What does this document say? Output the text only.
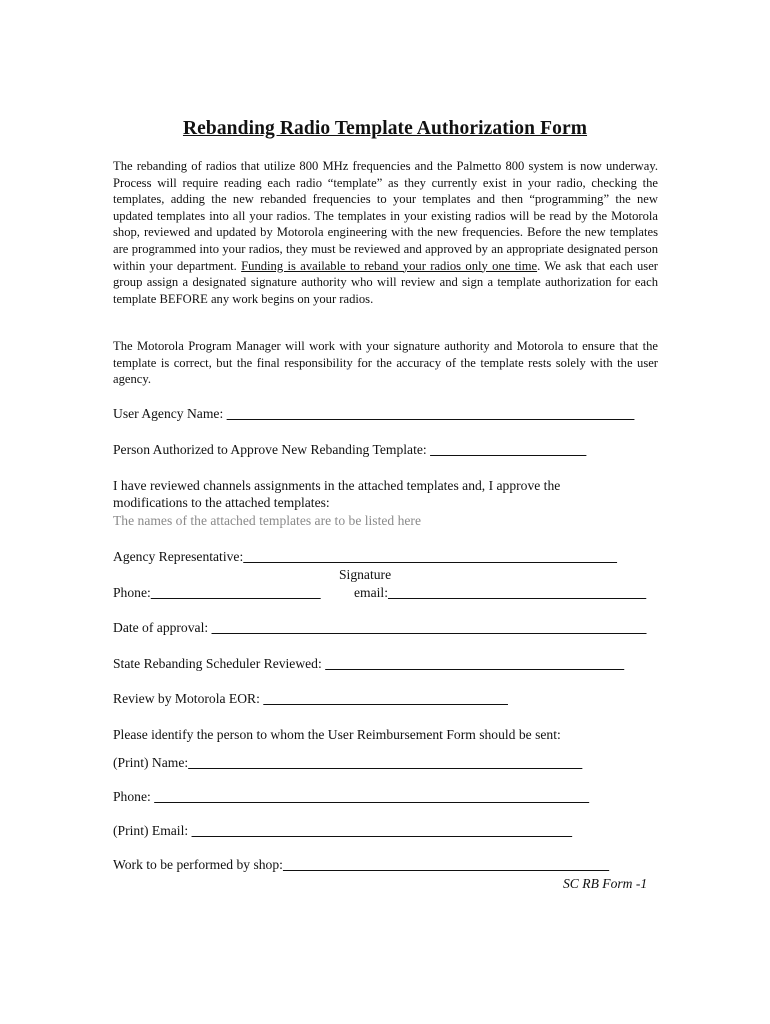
Rebanding Radio Template Authorization Form
The rebanding of radios that utilize 800 MHz frequencies and the Palmetto 800 system is now underway. Process will require reading each radio “template” as they currently exist in your radio, checking the templates, adding the new rebanded frequencies to your templates and then “programming” the new updated templates into all your radios. The templates in your existing radios will be read by the Motorola shop, reviewed and updated by Motorola engineering with the new frequencies. Before the new templates are programmed into your radios, they must be reviewed and approved by an appropriate designated person within your department. Funding is available to reband your radios only one time. We ask that each user group assign a designated signature authority who will review and sign a template authorization for each template BEFORE any work begins on your radios.
The Motorola Program Manager will work with your signature authority and Motorola to ensure that the template is correct, but the final responsibility for the accuracy of the template rests solely with the user agency.
User Agency Name:                               
Person Authorized to Approve New Rebanding Template:             
I have reviewed channels assignments in the attached templates and, I approve the
modifications to the attached templates:
The names of the attached templates are to be listed here
Agency Representative:                            
Signature
Phone:             	email:                   
Date of approval:                                 
State Rebanding Scheduler Reviewed:                       
Review by Motorola EOR:                   
Please identify the person to whom the User Reimbursement Form should be sent:
(Print) Name:                             
Phone:                                 
(Print) Email:                             
Work to be performed by shop:                        
SC RB Form -1
